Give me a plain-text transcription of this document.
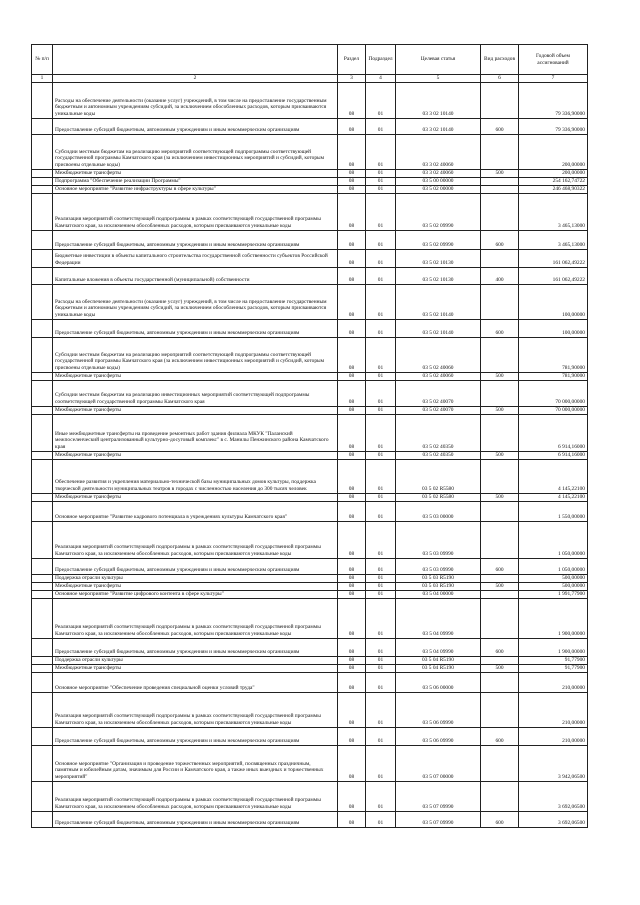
№ п/п		Раздел	Подраздел	Целевая статья	Вид расходов	Годовой объем ассигнований
1	2	3	4	5	6	7
	Расходы на обеспечение деятельности (оказание услуг) учреждений, в том числе на предоставление государственным бюджетным и автономным учреждениям субсидий, за исключением обособленных расходов, которым присваиваются уникальные коды	08	01	03 3 02 10140		79 336,90000
	Предоставление субсидий бюджетным, автономным учреждениям и иным некоммерческим организациям	08	01	03 3 02 10140	600	79 336,90000
	Субсидии местным бюджетам на реализацию мероприятий соответствующей подпрограммы соответствующей государственной программы Камчатского края (за исключением инвестиционных мероприятий и субсидий, которым присвоены отдельные коды)	08	01	03 3 02 40060		200,00000
	Межбюджетные трансферты	08	01	03 3 02 40060	500	200,00000
	Подпрограмма "Обеспечение реализации Программы"	08	01	03 5 00 00000		254 162,74722
	Основное мероприятие "Развитие инфраструктуры в сфере культуры"	08	01	03 5 02 00000		246 468,90322
	Реализация мероприятий соответствующей подпрограммы в рамках соответствующей государственной программы Камчатского края, за исключением обособленных расходов, которым присваиваются уникальные коды	08	01	03 5 02 09990		3 465,13000
	Предоставление субсидий бюджетным, автономным учреждениям и иным некоммерческим организациям	08	01	03 5 02 09990	600	3 465,13000
	Бюджетные инвестиции в объекты капитального строительства государственной собственности субъектов Российской Федерации	08	01	03 5 02 10130		161 062,49222
	Капитальные вложения в объекты государственной (муниципальной) собственности	08	01	03 5 02 10130	400	161 062,49222
	Расходы на обеспечение деятельности (оказание услуг) учреждений, в том числе на предоставление государственным бюджетным и автономным учреждениям субсидий, за исключением обособленных расходов, которым присваиваются уникальные коды	08	01	03 5 02 10140		100,00000
	Предоставление субсидий бюджетным, автономным учреждениям и иным некоммерческим организациям	08	01	03 5 02 10140	600	100,00000
	Субсидии местным бюджетам на реализацию мероприятий соответствующей подпрограммы соответствующей государственной программы Камчатского края (за исключением инвестиционных мероприятий и субсидий, которым присвоены отдельные коды)	08	01	03 5 02 40060		781,90000
	Межбюджетные трансферты	08	01	03 5 02 40060	500	781,90000
	Субсидии местным бюджетам на реализацию инвестиционных мероприятий соответствующей подпрограммы соответствующей государственной программы Камчатского края	08	01	03 5 02 40070		70 000,00000
	Межбюджетные трансферты	08	01	03 5 02 40070	500	70 000,00000
	Иные межбюджетные трансферты на проведение ремонтных работ здания филиала МКУК "Паланский межпоселенческий централизованный культурно-досуговый комплекс" в с. Манилы Пенжинского района Камчатского края	08	01	03 5 02 40350		6 914,16000
	Межбюджетные трансферты	08	01	03 5 02 40350	500	6 914,16000
	Обеспечение развития и укрепления материально-технической базы муниципальных домов культуры, поддержка творческой деятельности муниципальных театров в городах с численностью населения до 300 тысяч человек	08	01	03 5 02 R5580		4 145,22100
	Межбюджетные трансферты	08	01	03 5 02 R5580	500	4 145,22100
	Основное мероприятие "Развитие кадрового потенциала в учреждениях культуры Камчатского края"	08	01	03 5 03 00000		1 550,00000
	Реализация мероприятий соответствующей подпрограммы в рамках соответствующей государственной программы Камчатского края, за исключением обособленных расходов, которым присваиваются уникальные коды	08	01	03 5 03 09990		1 050,00000
	Предоставление субсидий бюджетным, автономным учреждениям и иным некоммерческим организациям	08	01	03 5 03 09990	600	1 050,00000
	Поддержка отрасли культуры	08	01	03 5 03 R5190		500,00000
	Межбюджетные трансферты	08	01	03 5 03 R5190	500	500,00000
	Основное мероприятие "Развитие цифрового контента в сфере культуры"	08	01	03 5 04 00000		1 991,77900
	Реализация мероприятий соответствующей подпрограммы в рамках соответствующей государственной программы Камчатского края, за исключением обособленных расходов, которым присваиваются уникальные коды	08	01	03 5 04 09990		1 900,00000
	Предоставление субсидий бюджетным, автономным учреждениям и иным некоммерческим организациям	08	01	03 5 04 09990	600	1 900,00000
	Поддержка отрасли культуры	08	01	03 5 04 R5190		91,77900
	Межбюджетные трансферты	08	01	03 5 04 R5190	500	91,77900
	Основное мероприятие "Обеспечение проведения специальной оценки условий труда"	08	01	03 5 06 00000		210,00000
	Реализация мероприятий соответствующей подпрограммы в рамках соответствующей государственной программы Камчатского края, за исключением обособленных расходов, которым присваиваются уникальные коды	08	01	03 5 06 09990		210,00000
	Предоставление субсидий бюджетным, автономным учреждениям и иным некоммерческим организациям	08	01	03 5 06 09990	600	210,00000
	Основное мероприятие "Организация и проведение торжественных мероприятий, посвященных праздничным, памятным и юбилейным датам, значимым для России и Камчатского края, а также иных выездных и торжественных мероприятий"	08	01	03 5 07 00000		3 942,06500
	Реализация мероприятий соответствующей подпрограммы в рамках соответствующей государственной программы Камчатского края, за исключением обособленных расходов, которым присваиваются уникальные коды	08	01	03 5 07 09990		3 692,06500
	Предоставление субсидий бюджетным, автономным учреждениям и иным некоммерческим организациям	08	01	03 5 07 09990	600	3 692,06500
